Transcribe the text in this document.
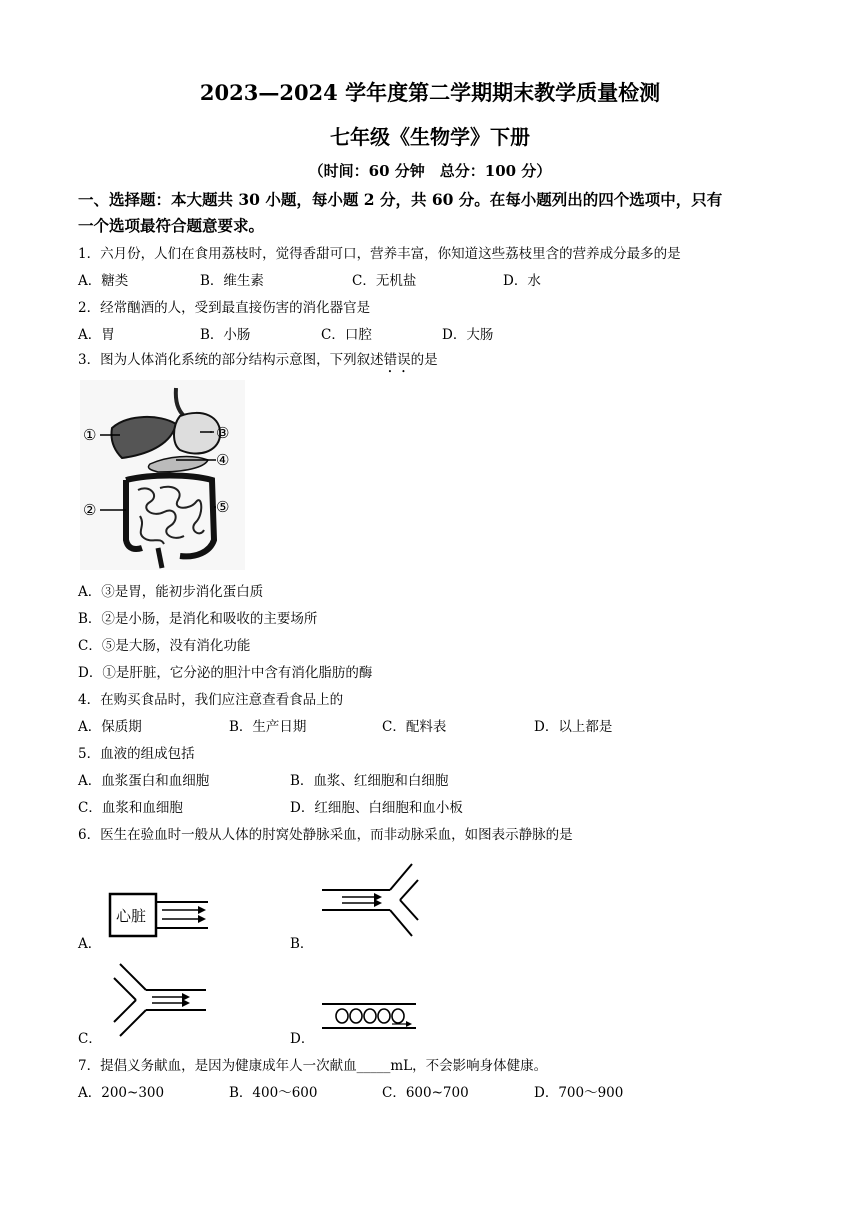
2023—2024 学年度第二学期期末教学质量检测
七年级《生物学》下册
（时间：60 分钟　总分：100 分）
一、选择题：本大题共 30 小题，每小题 2 分，共 60 分。在每小题列出的四个选项中，只有
一个选项最符合题意要求。
1．六月份，人们在食用荔枝时，觉得香甜可口，营养丰富，你知道这些荔枝里含的营养成分最多的是
A．糖类	B．维生素	C．无机盐	D．水
2．经常酗酒的人，受到最直接伤害的消化器官是
A．胃	B．小肠	C．口腔	D．大肠
3．图为人体消化系统的部分结构示意图，下列叙述错误的是
①
②
③
④
⑤
A．③是胃，能初步消化蛋白质
B．②是小肠，是消化和吸收的主要场所
C．⑤是大肠，没有消化功能
D．①是肝脏，它分泌的胆汁中含有消化脂肪的酶
4．在购买食品时，我们应注意查看食品上的
A．保质期	B．生产日期	C．配料表	D．以上都是
5．血液的组成包括
A．血浆蛋白和血细胞	B．血浆、红细胞和白细胞
C．血浆和血细胞	D．红细胞、白细胞和血小板
6．医生在验血时一般从人体的肘窝处静脉采血，而非动脉采血，如图表示静脉的是
A．
心脏
B．
C．	D．
7．提倡义务献血，是因为健康成年人一次献血_____mL，不会影响身体健康。
A．200~300	B．400～600	C．600~700	D．700～900
